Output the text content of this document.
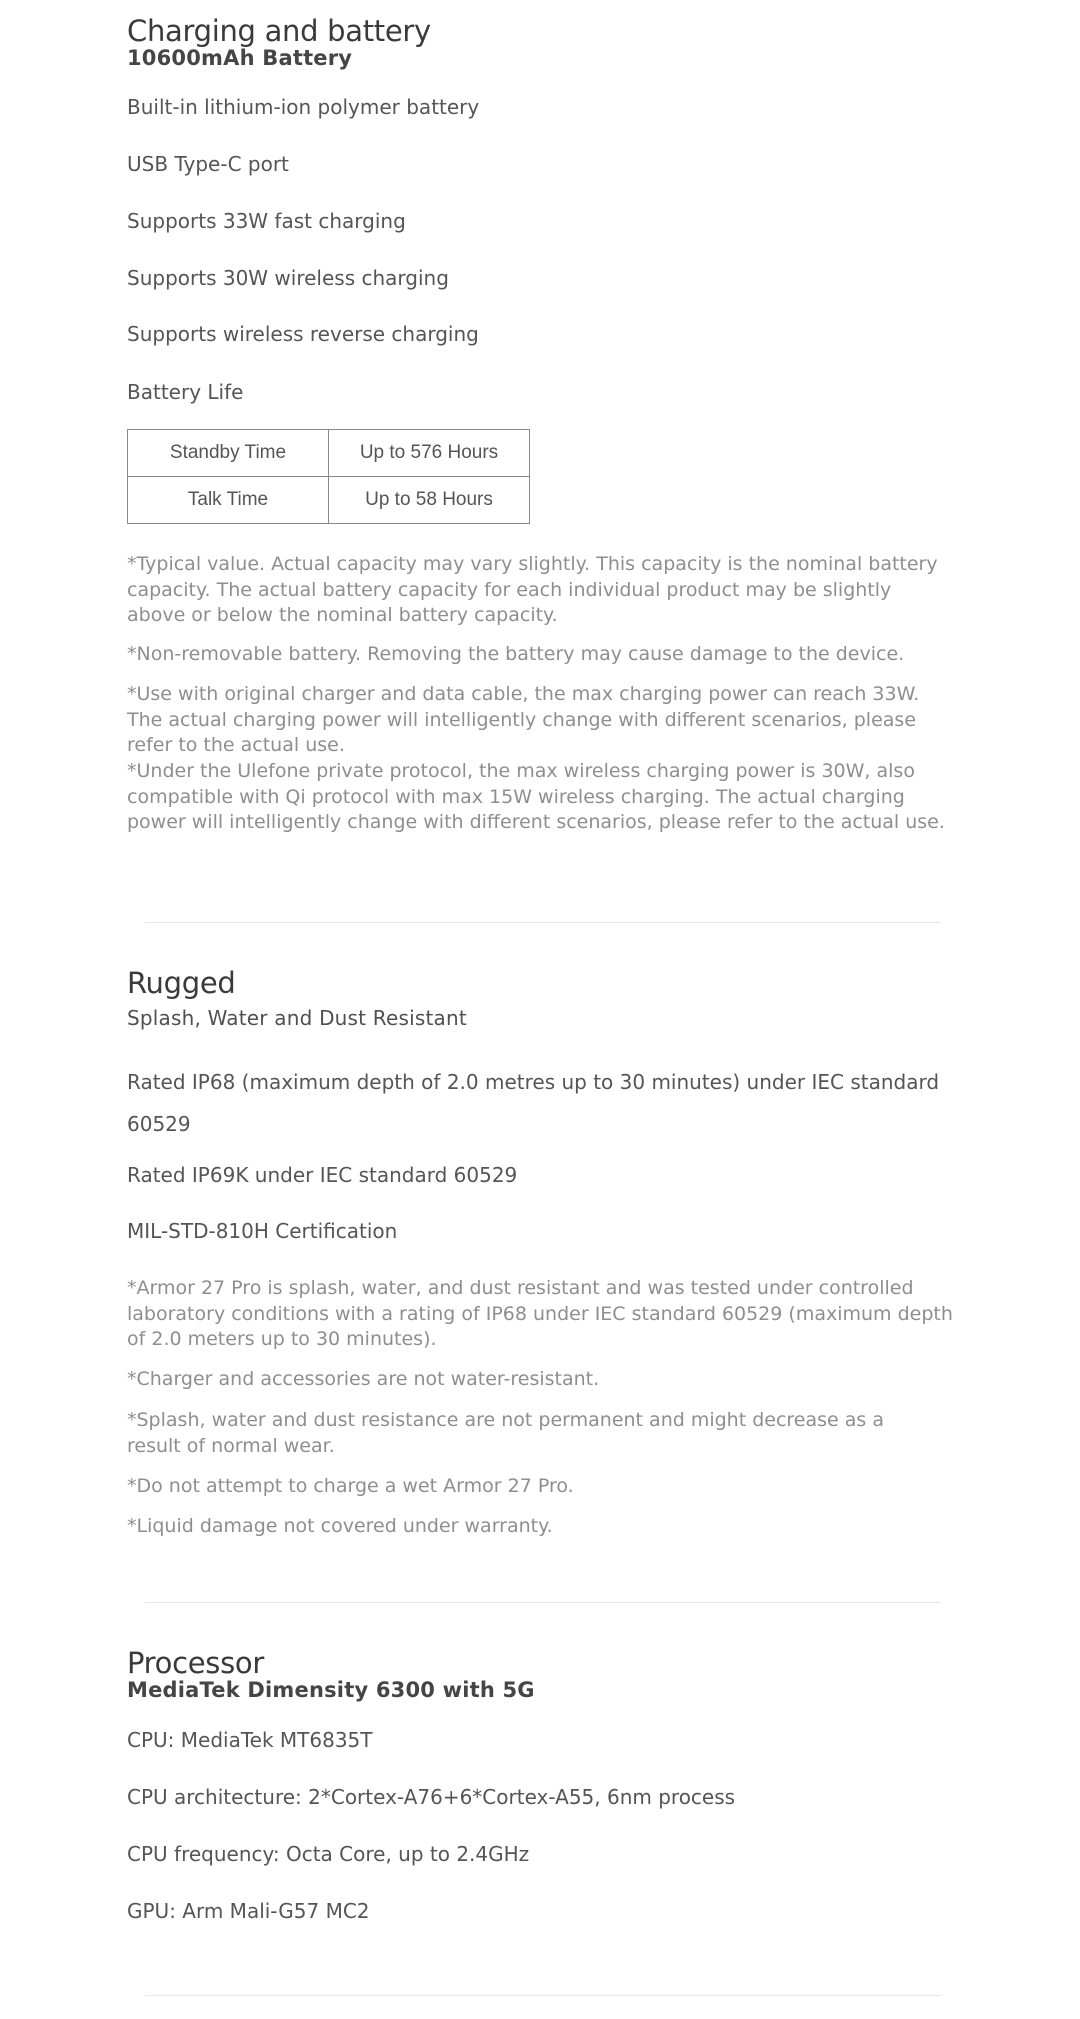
Charging and battery
10600mAh Battery

Built-in lithium-ion polymer battery

USB Type-C port

Supports 33W fast charging

Supports 30W wireless charging

Supports wireless reverse charging

Battery Life

Standby Time	Up to 576 Hours
Talk Time	Up to 58 Hours

*Typical value. Actual capacity may vary slightly. This capacity is the nominal battery capacity. The actual battery capacity for each individual product may be slightly above or below the nominal battery capacity.

*Non-removable battery. Removing the battery may cause damage to the device.

*Use with original charger and data cable, the max charging power can reach 33W. The actual charging power will intelligently change with different scenarios, please refer to the actual use.

*Under the Ulefone private protocol, the max wireless charging power is 30W, also compatible with Qi protocol with max 15W wireless charging. The actual charging power will intelligently change with different scenarios, please refer to the actual use.

Rugged
Splash, Water and Dust Resistant

Rated IP68 (maximum depth of 2.0 metres up to 30 minutes) under IEC standard 60529

Rated IP69K under IEC standard 60529

MIL-STD-810H Certification

*Armor 27 Pro is splash, water, and dust resistant and was tested under controlled laboratory conditions with a rating of IP68 under IEC standard 60529 (maximum depth of 2.0 meters up to 30 minutes).

*Charger and accessories are not water-resistant.

*Splash, water and dust resistance are not permanent and might decrease as a result of normal wear.

*Do not attempt to charge a wet Armor 27 Pro.

*Liquid damage not covered under warranty.

Processor
MediaTek Dimensity 6300 with 5G

CPU: MediaTek MT6835T

CPU architecture: 2*Cortex-A76+6*Cortex-A55, 6nm process

CPU frequency: Octa Core, up to 2.4GHz

GPU: Arm Mali-G57 MC2
